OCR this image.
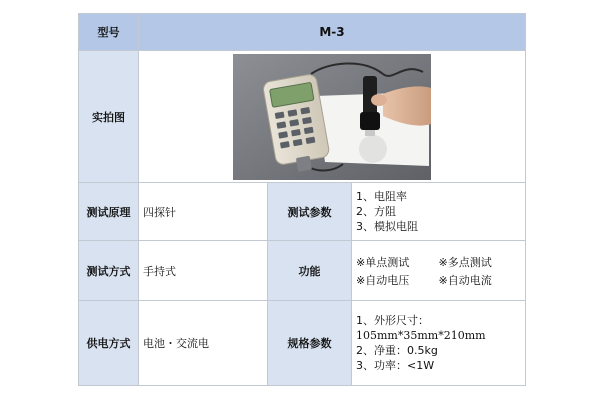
型号	M-3		
实拍图	

测试原理	四探针	测试参数	1、电阻率
2、方阻
3、模拟电阻

测试方式	手持式	功能	※单点测试 ※多点测试
※自动电压 ※自动电流

供电方式	电池・交流电	规格参数	1、外形尺寸：
105mm*35mm*210mm
2、净重：0.5kg
3、功率：<1W
